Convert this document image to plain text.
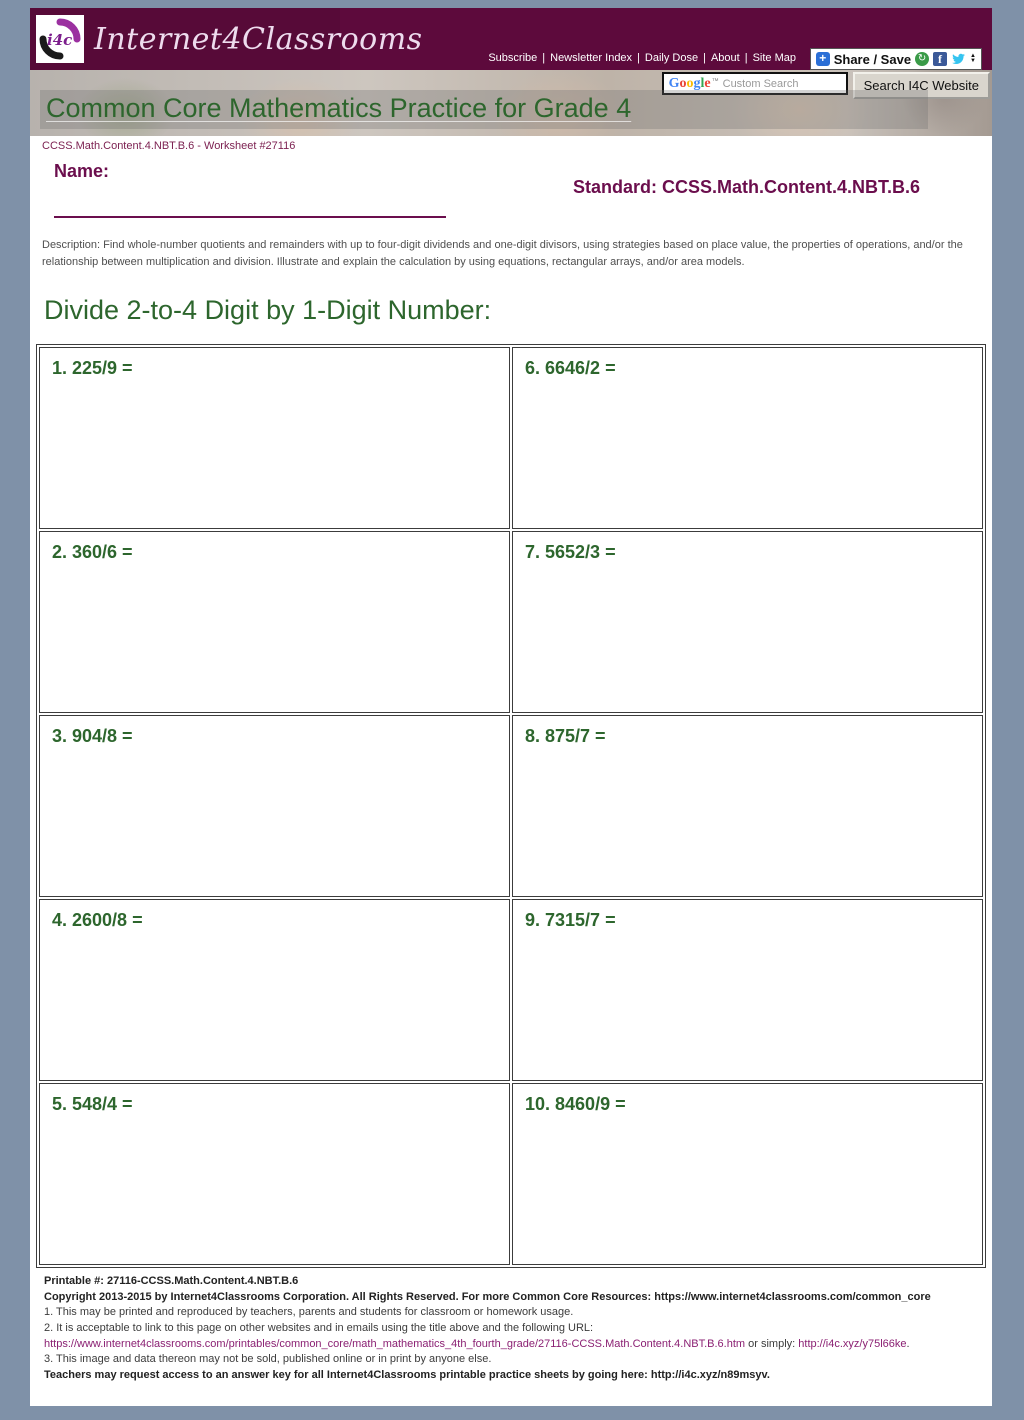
i4c Internet4Classrooms
Subscribe | Newsletter Index | Daily Dose | About | Site Map + Share / Save ↻ f	▲
▼
G o o g l e ™ Custom Search	Search I4C Website
Common Core Mathematics Practice for Grade 4
CCSS.Math.Content.4.NBT.B.6 - Worksheet #27116
Name:
Standard: CCSS.Math.Content.4.NBT.B.6

Description: Find whole-number quotients and remainders with up to four-digit dividends and one-digit divisors, using strategies based on place value, the properties of operations, and/or the relationship between multiplication and division. Illustrate and explain the calculation by using equations, rectangular arrays, and/or area models.

Divide 2-to-4 Digit by 1-Digit Number:
1. 225/9 =	6. 6646/2 =
2. 360/6 =	7. 5652/3 =
3. 904/8 =	8. 875/7 =
4. 2600/8 =	9. 7315/7 =
5. 548/4 =	10. 8460/9 =
Printable #: 27116-CCSS.Math.Content.4.NBT.B.6
Copyright 2013-2015 by Internet4Classrooms Corporation. All Rights Reserved. For more Common Core Resources: https://www.internet4classrooms.com/common_core
1. This may be printed and reproduced by teachers, parents and students for classroom or homework usage.
2. It is acceptable to link to this page on other websites and in emails using the title above and the following URL:
https://www.internet4classrooms.com/printables/common_core/math_mathematics_4th_fourth_grade/27116-CCSS.Math.Content.4.NBT.B.6.htm or simply: http://i4c.xyz/y75l66ke.
3. This image and data thereon may not be sold, published online or in print by anyone else.
Teachers may request access to an answer key for all Internet4Classrooms printable practice sheets by going here: http://i4c.xyz/n89msyv.
